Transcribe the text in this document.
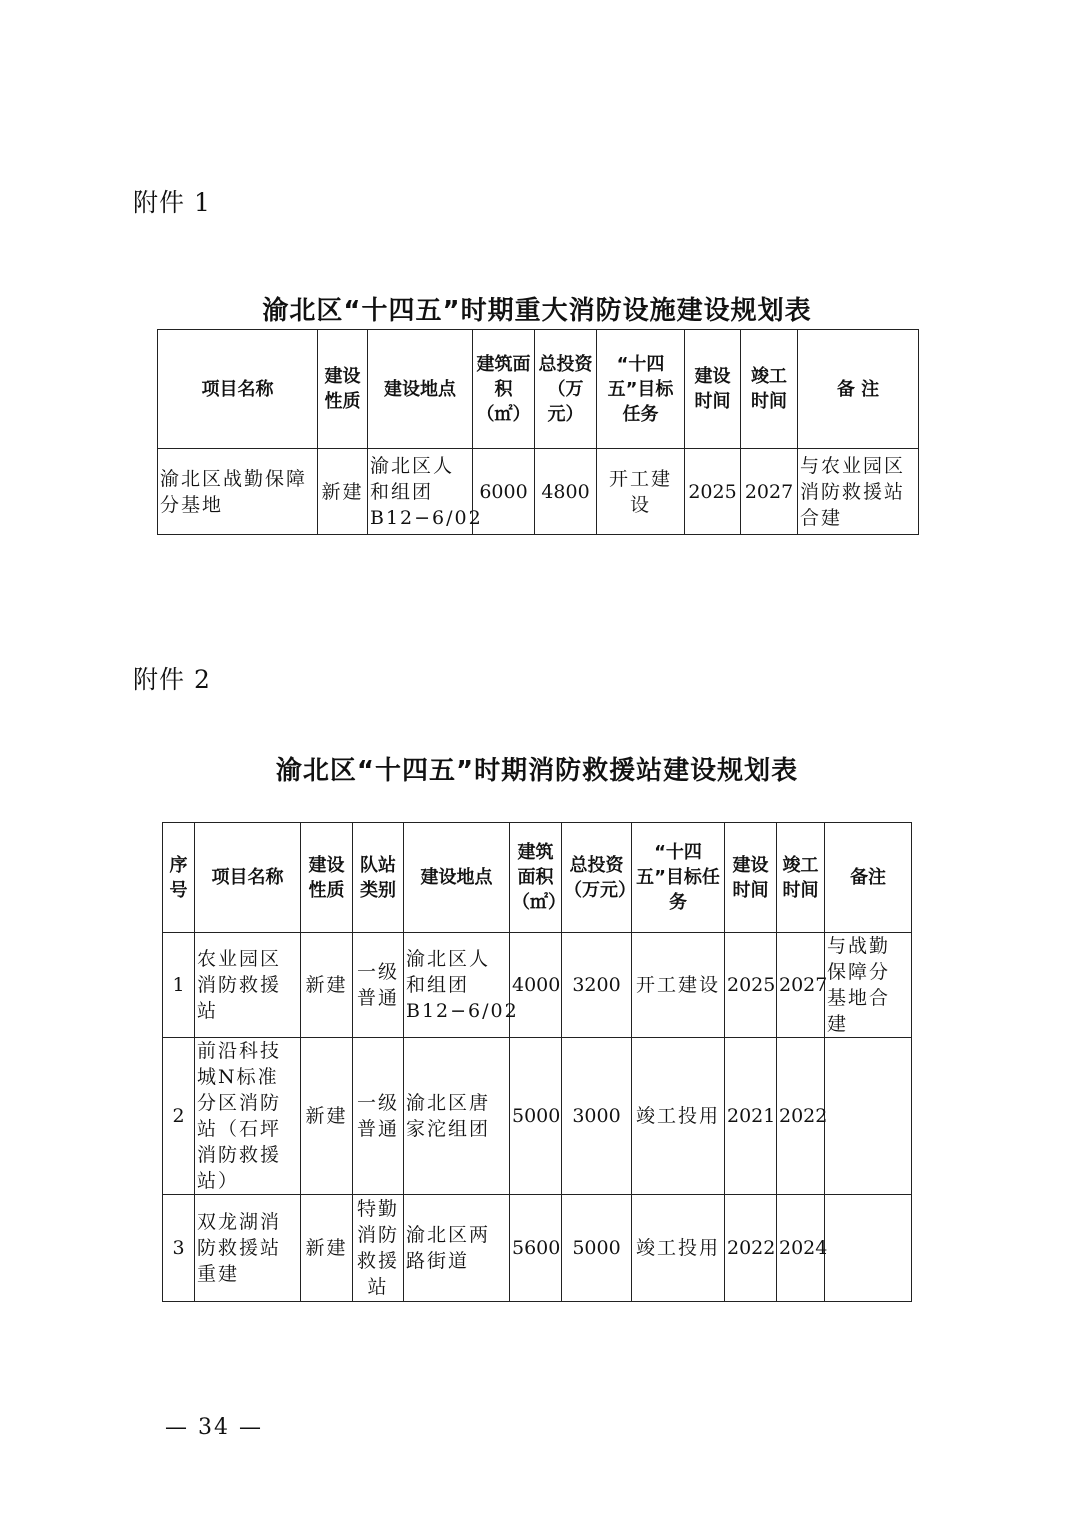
附件 1
渝北区“十四五”时期重大消防设施建设规划表
项目名称	建设性质	建设地点	建筑面积（㎡）	总投资（万元）	“十四五”目标任务	建设时间	竣工时间	备 注
渝北区战勤保障分基地	新建	渝北区人和组团B12−6/02	6000	4800	开工建设	2025	2027	与农业园区消防救援站合建
附件 2
渝北区“十四五”时期消防救援站建设规划表
序号	项目名称	建设性质	队站类别	建设地点	建筑面积（㎡）	总投资（万元）	“十四五”目标任务	建设时间	竣工时间	备注
1	农业园区消防救援站	新建	一级普通	渝北区人和组团B12−6/02	4000	3200	开工建设	2025	2027	与战勤保障分基地合建
2	前沿科技城N标准分区消防站（石坪消防救援站）	新建	一级普通	渝北区唐家沱组团	5000	3000	竣工投用	2021	2022	
3	双龙湖消防救援站重建	新建	特勤消防救援站	渝北区两路街道	5600	5000	竣工投用	2022	2024	
— 34 —
